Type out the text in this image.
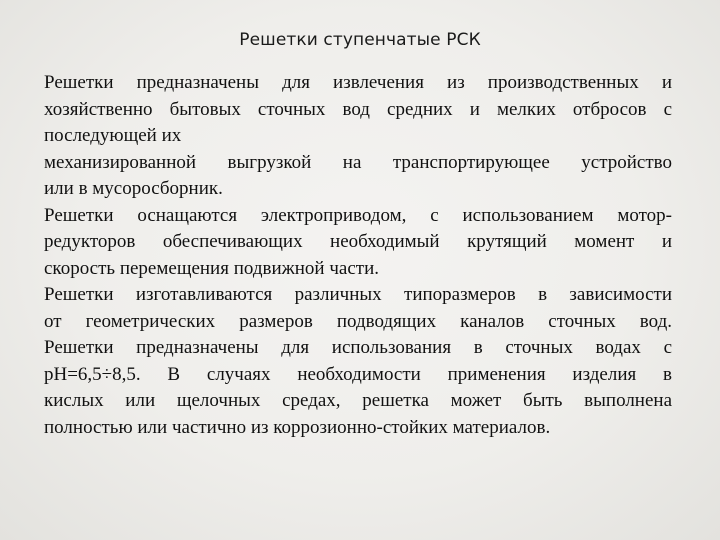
Решетки ступенчатые РСК

Решетки предназначены для извлечения из производственных и

хозяйственно бытовых сточных вод средних и мелких отбросов с

последующей их

механизированной выгрузкой на транспортирующее устройство

или в мусоросборник.

Решетки оснащаются электроприводом, с использованием мотор-

редукторов обеспечивающих необходимый крутящий момент и

скорость перемещения подвижной части.

Решетки изготавливаются различных типоразмеров в зависимости

от геометрических размеров подводящих каналов сточных вод.

Решетки предназначены для использования в сточных водах с

pH=6,5÷8,5. В случаях необходимости применения изделия в

кислых или щелочных средах, решетка может быть выполнена

полностью или частично из коррозионно-стойких материалов.
